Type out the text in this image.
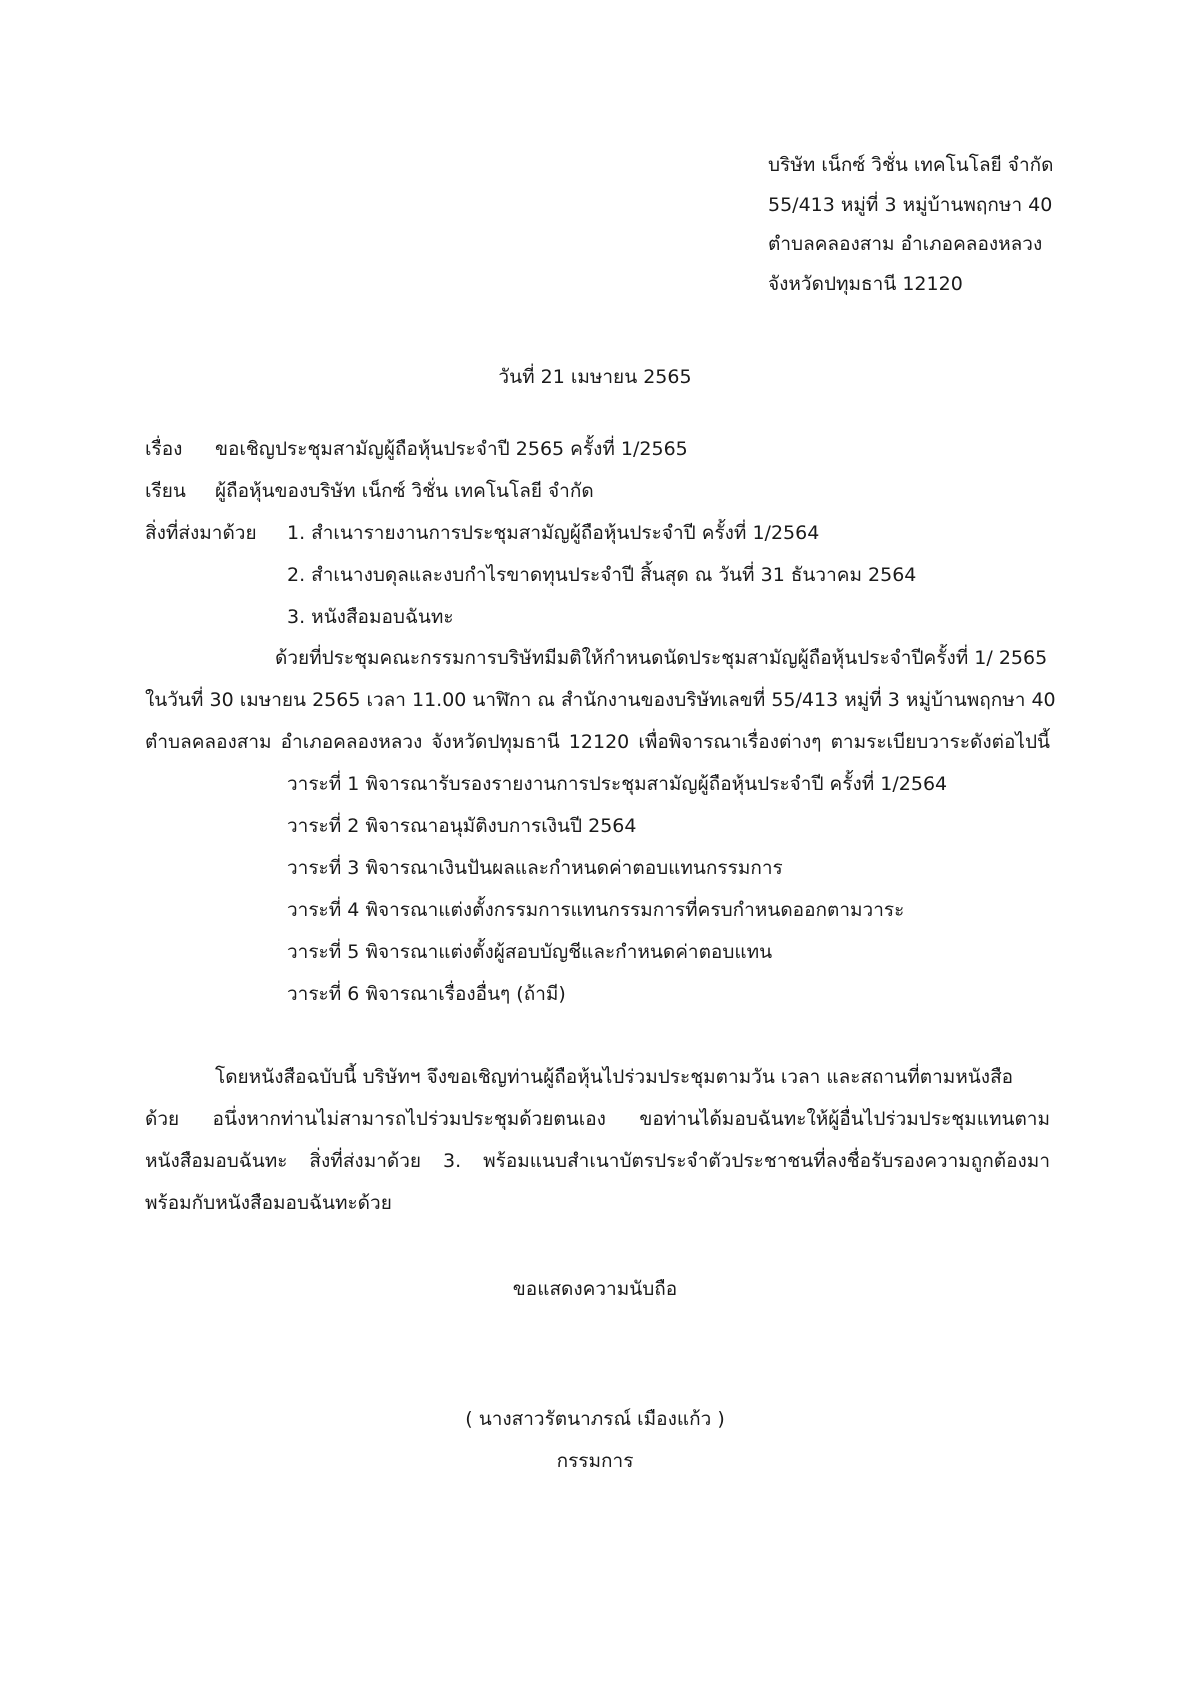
บริษัท เน็กซ์ วิชั่น เทคโนโลยี จำกัด
55/413 หมู่ที่ 3 หมู่บ้านพฤกษา 40
ตำบลคลองสาม อำเภอคลองหลวง
จังหวัดปทุมธานี 12120
วันที่ 21 เมษายน 2565
เรื่อง ขอเชิญประชุมสามัญผู้ถือหุ้นประจำปี 2565 ครั้งที่ 1/2565
เรียน ผู้ถือหุ้นของบริษัท เน็กซ์ วิชั่น เทคโนโลยี จำกัด
สิ่งที่ส่งมาด้วย 1. สำเนารายงานการประชุมสามัญผู้ถือหุ้นประจำปี ครั้งที่ 1/2564
2. สำเนางบดุลและงบกำไรขาดทุนประจำปี สิ้นสุด ณ วันที่ 31 ธันวาคม 2564
3. หนังสือมอบฉันทะ
ด้วยที่ประชุมคณะกรรมการบริษัทมีมติให้กำหนดนัดประชุมสามัญผู้ถือหุ้นประจำปีครั้งที่ 1/ 2565
ในวันที่ 30 เมษายน 2565 เวลา 11.00 นาฬิกา ณ สำนักงานของบริษัทเลขที่ 55/413 หมู่ที่ 3 หมู่บ้านพฤกษา 40
ตำบลคลองสาม อำเภอคลองหลวง จังหวัดปทุมธานี 12120 เพื่อพิจารณาเรื่องต่างๆ ตามระเบียบวาระดังต่อไปนี้
วาระที่ 1 พิจารณารับรองรายงานการประชุมสามัญผู้ถือหุ้นประจำปี ครั้งที่ 1/2564
วาระที่ 2 พิจารณาอนุมัติงบการเงินปี 2564
วาระที่ 3 พิจารณาเงินปันผลและกำหนดค่าตอบแทนกรรมการ
วาระที่ 4 พิจารณาแต่งตั้งกรรมการแทนกรรมการที่ครบกำหนดออกตามวาระ
วาระที่ 5 พิจารณาแต่งตั้งผู้สอบบัญชีและกำหนดค่าตอบแทน
วาระที่ 6 พิจารณาเรื่องอื่นๆ (ถ้ามี)
โดยหนังสือฉบับนี้ บริษัทฯ จึงขอเชิญท่านผู้ถือหุ้นไปร่วมประชุมตามวัน เวลา และสถานที่ตามหนังสือ
ด้วย อนึ่งหากท่านไม่สามารถไปร่วมประชุมด้วยตนเอง ขอท่านได้มอบฉันทะให้ผู้อื่นไปร่วมประชุมแทนตาม
หนังสือมอบฉันทะ สิ่งที่ส่งมาด้วย 3. พร้อมแนบสำเนาบัตรประจำตัวประชาชนที่ลงชื่อรับรองความถูกต้องมา
พร้อมกับหนังสือมอบฉันทะด้วย
ขอแสดงความนับถือ
( นางสาวรัตนาภรณ์ เมืองแก้ว )
กรรมการ
